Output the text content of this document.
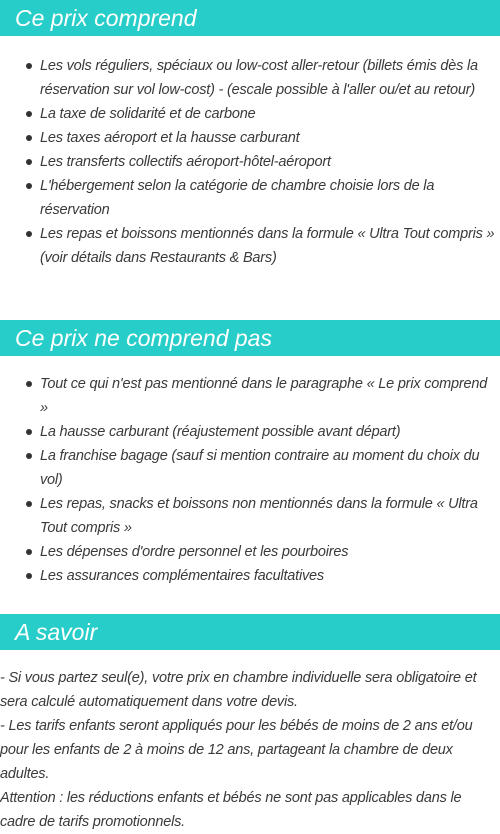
Ce prix comprend
Les vols réguliers, spéciaux ou low-cost aller-retour (billets émis dès la réservation sur vol low-cost) - (escale possible à l'aller ou/et au retour)
La taxe de solidarité et de carbone
Les taxes aéroport et la hausse carburant
Les transferts collectifs aéroport-hôtel-aéroport
L'hébergement selon la catégorie de chambre choisie lors de la réservation
Les repas et boissons mentionnés dans la formule « Ultra Tout compris » (voir détails dans Restaurants & Bars)
Ce prix ne comprend pas
Tout ce qui n'est pas mentionné dans le paragraphe « Le prix comprend »
La hausse carburant (réajustement possible avant départ)
La franchise bagage (sauf si mention contraire au moment du choix du vol)
Les repas, snacks et boissons non mentionnés dans la formule « Ultra Tout compris »
Les dépenses d'ordre personnel et les pourboires
Les assurances complémentaires facultatives
A savoir

- Si vous partez seul(e), votre prix en chambre individuelle sera obligatoire et sera calculé automatiquement dans votre devis.

- Les tarifs enfants seront appliqués pour les bébés de moins de 2 ans et/ou pour les enfants de 2 à moins de 12 ans, partageant la chambre de deux adultes.

Attention : les réductions enfants et bébés ne sont pas applicables dans le cadre de tarifs promotionnels.
